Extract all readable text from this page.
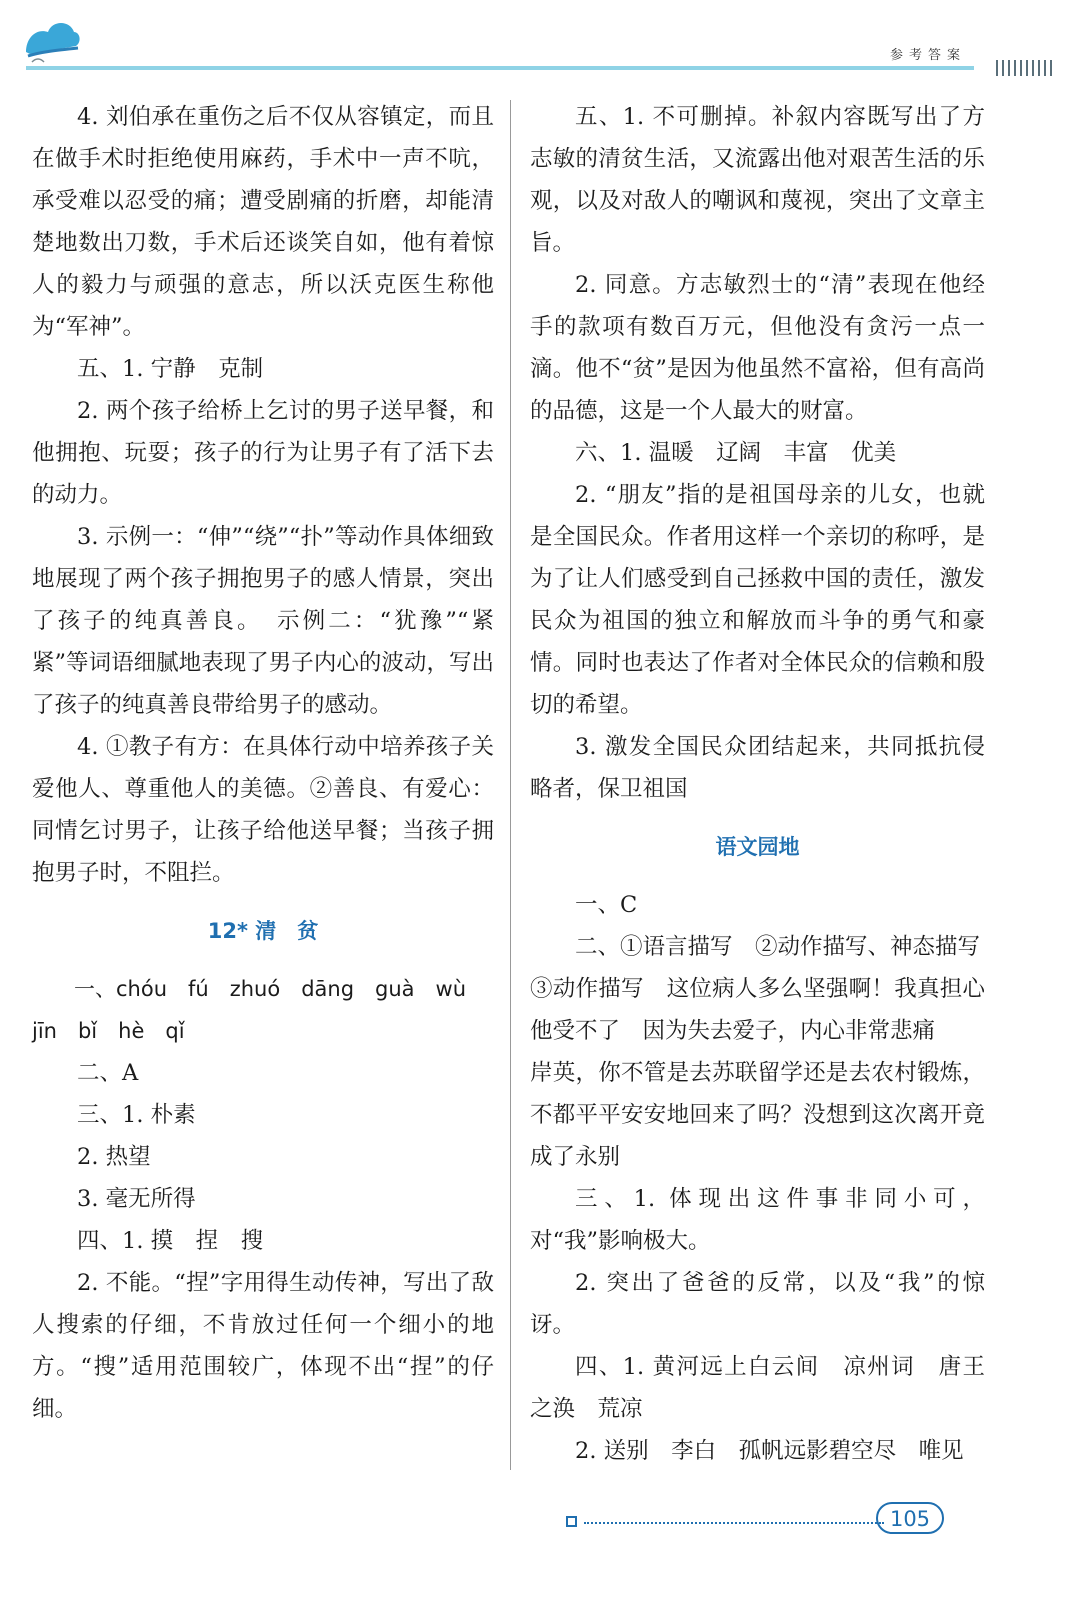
参考答案

4. 刘伯承在重伤之后不仅从容镇定，而且在做手术时拒绝使用麻药，手术中一声不吭，承受难以忍受的痛；遭受剧痛的折磨，却能清楚地数出刀数，手术后还谈笑自如，他有着惊人的毅力与顽强的意志，所以沃克医生称他为“军神”。

五、1. 宁静　克制

2. 两个孩子给桥上乞讨的男子送早餐，和他拥抱、玩耍；孩子的行为让男子有了活下去的动力。

3. 示例一：“伸”“绕”“扑”等动作具体细致地展现了两个孩子拥抱男子的感人情景，突出了孩子的纯真善良。　示例二：“犹豫”“紧紧”等词语细腻地表现了男子内心的波动，写出了孩子的纯真善良带给男子的感动。

4. ①教子有方：在具体行动中培养孩子关爱他人、尊重他人的美德。②善良、有爱心：同情乞讨男子，让孩子给他送早餐；当孩子拥抱男子时，不阻拦。

12* 清　贫

一、chóu　fú　zhuó　dāng　guà　wù

jīn　bǐ　hè　qǐ

二、A

三、1. 朴素

2. 热望

3. 毫无所得

四、1. 摸　捏　搜

2. 不能。“捏”字用得生动传神，写出了敌人搜索的仔细，不肯放过任何一个细小的地方。“搜”适用范围较广，体现不出“捏”的仔细。

五、1. 不可删掉。补叙内容既写出了方志敏的清贫生活，又流露出他对艰苦生活的乐观，以及对敌人的嘲讽和蔑视，突出了文章主旨。

2. 同意。方志敏烈士的“清”表现在他经手的款项有数百万元，但他没有贪污一点一滴。他不“贫”是因为他虽然不富裕，但有高尚的品德，这是一个人最大的财富。

六、1. 温暖　辽阔　丰富　优美

2. “朋友”指的是祖国母亲的儿女，也就是全国民众。作者用这样一个亲切的称呼，是为了让人们感受到自己拯救中国的责任，激发民众为祖国的独立和解放而斗争的勇气和豪情。同时也表达了作者对全体民众的信赖和殷切的希望。

3. 激发全国民众团结起来，共同抵抗侵略者，保卫祖国

语文园地

一、C

二、①语言描写　②动作描写、神态描写

③动作描写　这位病人多么坚强啊！我真担心他受不了　因为失去爱子，内心非常悲痛

岸英，你不管是去苏联留学还是去农村锻炼，不都平平安安地回来了吗？没想到这次离开竟成了永别

三、1. 体现出这件事非同小可，对“我”影响极大。

2. 突出了爸爸的反常，以及“我”的惊讶。

四、1. 黄河远上白云间　凉州词　唐王之涣　荒凉

2. 送别　李白　孤帆远影碧空尽　唯见

105
